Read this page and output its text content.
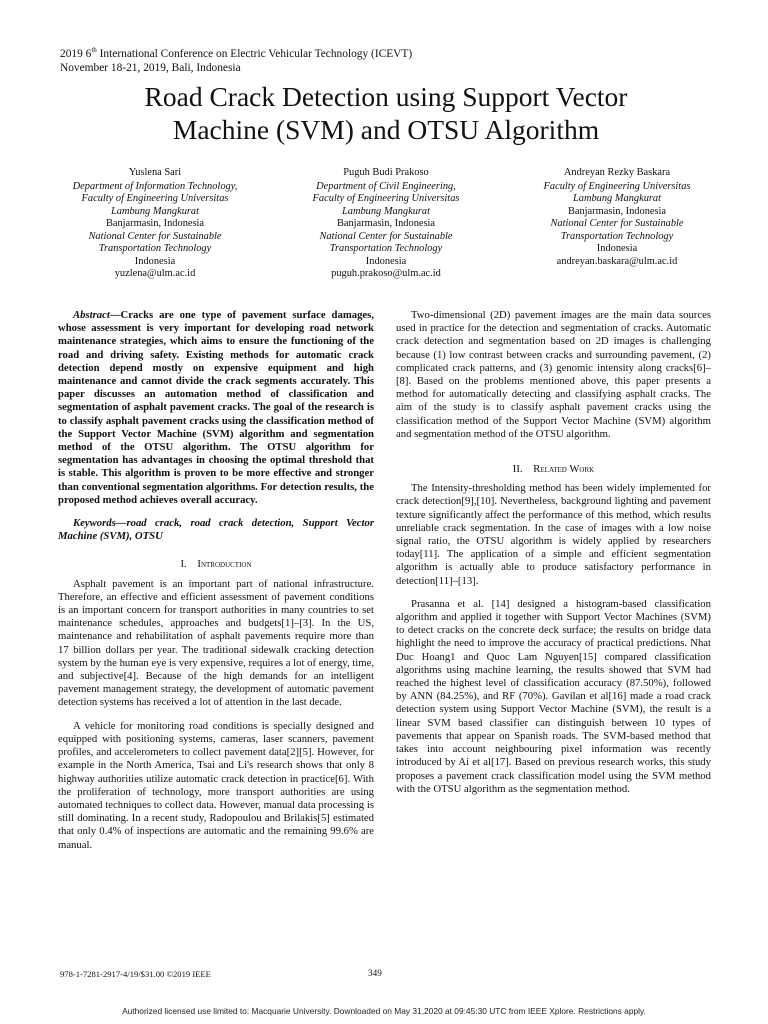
2019 6th International Conference on Electric Vehicular Technology (ICEVT)
November 18-21, 2019, Bali, Indonesia
Road Crack Detection using Support Vector
Machine (SVM) and OTSU Algorithm
Yuslena Sari
Department of Information Technology,
Faculty of Engineering Universitas
Lambung Mangkurat
Banjarmasin, Indonesia
National Center for Sustainable
Transportation Technology
Indonesia
yuzlena@ulm.ac.id
Puguh Budi Prakoso
Department of Civil Engineering,
Faculty of Engineering Universitas
Lambung Mangkurat
Banjarmasin, Indonesia
National Center for Sustainable
Transportation Technology
Indonesia
puguh.prakoso@ulm.ac.id
Andreyan Rezky Baskara
Faculty of Engineering Universitas
Lambung Mangkurat
Banjarmasin, Indonesia
National Center for Sustainable
Transportation Technology
Indonesia
andreyan.baskara@ulm.ac.id

Abstract—Cracks are one type of pavement surface damages, whose assessment is very important for developing road network maintenance strategies, which aims to ensure the functioning of the road and driving safety. Existing methods for automatic crack detection depend mostly on expensive equipment and high maintenance and cannot divide the crack segments accurately. This paper discusses an automation method of classification and segmentation of asphalt pavement cracks. The goal of the research is to classify asphalt pavement cracks using the classification method of the Support Vector Machine (SVM) algorithm and segmentation method of the OTSU algorithm. The OTSU algorithm for segmentation has advantages in choosing the optimal threshold that is stable. This algorithm is proven to be more effective and stronger than conventional segmentation algorithms. For detection results, the proposed method achieves overall accuracy.

Keywords—road crack, road crack detection, Support Vector Machine (SVM), OTSU

I. Introduction

Asphalt pavement is an important part of national infrastructure. Therefore, an effective and efficient assessment of pavement conditions is an important concern for transport authorities in many countries to set maintenance schedules, approaches and budgets[1]–[3]. In the US, maintenance and rehabilitation of asphalt pavements require more than 17 billion dollars per year. The traditional sidewalk cracking detection system by the human eye is very expensive, requires a lot of energy, time, and subjective[4]. Because of the high demands for an intelligent pavement management strategy, the development of automatic pavement detection systems has received a lot of attention in the last decade.

A vehicle for monitoring road conditions is specially designed and equipped with positioning systems, cameras, laser scanners, pavement profiles, and accelerometers to collect pavement data[2][5]. However, for example in the North America, Tsai and Li's research shows that only 8 highway authorities utilize automatic crack detection in practice[6]. With the proliferation of technology, more transport authorities are using automated techniques to collect data. However, manual data processing is still dominating. In a recent study, Radopoulou and Brilakis[5] estimated that only 0.4% of inspections are automatic and the remaining 99.6% are manual.

Two-dimensional (2D) pavement images are the main data sources used in practice for the detection and segmentation of cracks. Automatic crack detection and segmentation based on 2D images is challenging because (1) low contrast between cracks and surrounding pavement, (2) complicated crack patterns, and (3) genomic intensity along cracks[6]–[8]. Based on the problems mentioned above, this paper presents a method for automatically detecting and classifying asphalt cracks. The aim of the study is to classify asphalt pavement cracks using the classification method of the Support Vector Machine (SVM) algorithm and segmentation method of the OTSU algorithm.

II. Related Work

The Intensity-thresholding method has been widely implemented for crack detection[9],[10]. Nevertheless, background lighting and pavement texture significantly affect the performance of this method, which results unreliable crack segmentation. In the case of images with a low noise signal ratio, the OTSU algorithm is widely applied by researchers today[11]. The application of a simple and efficient segmentation algorithm is actually able to produce satisfactory performance in detection[11]–[13].

Prasanna et al. [14] designed a histogram-based classification algorithm and applied it together with Support Vector Machines (SVM) to detect cracks on the concrete deck surface; the results on bridge data highlight the need to improve the accuracy of practical predictions. Nhat Duc Hoang1 and Quoc Lam Nguyen[15] compared classification algorithms using machine learning, the results showed that SVM had reached the highest level of classification accuracy (87.50%), followed by ANN (84.25%), and RF (70%). Gavilan et al[16] made a road crack detection system using Support Vector Machine (SVM), the result is a linear SVM based classifier can distinguish between 10 types of pavements that appear on Spanish roads. The SVM-based method that takes into account neighbouring pixel information was recently introduced by Ai et al[17]. Based on previous research works, this study proposes a pavement crack classification model using the SVM method with the OTSU algorithm as the segmentation method.

978-1-7281-2917-4/19/$31.00 ©2019 IEEE	349
Authorized licensed use limited to: Macquarie University. Downloaded on May 31,2020 at 09:45:30 UTC from IEEE Xplore. Restrictions apply.
